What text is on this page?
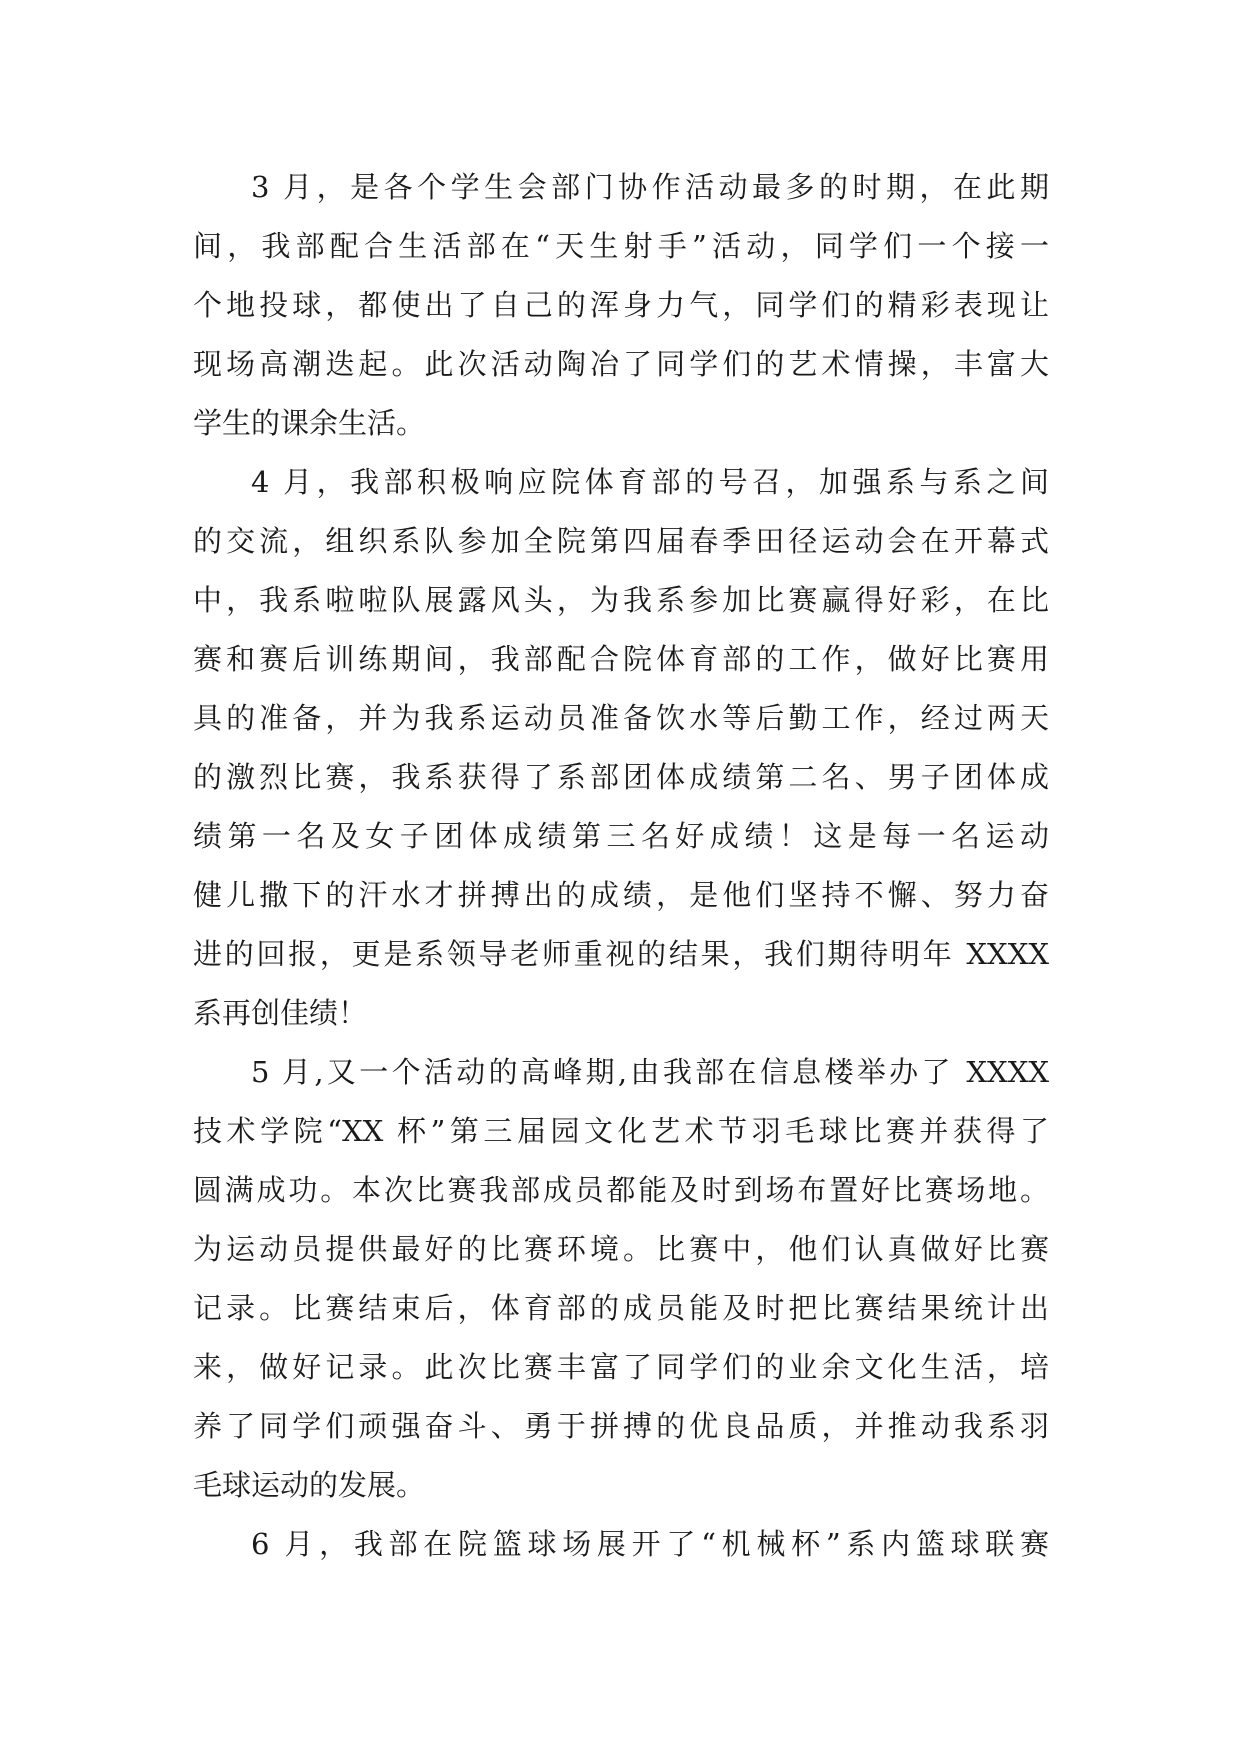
3 月，是各个学生会部门协作活动最多的时期，在此期
间，我部配合生活部在“天生射手”活动，同学们一个接一
个地投球，都使出了自己的浑身力气，同学们的精彩表现让
现场高潮迭起。此次活动陶冶了同学们的艺术情操，丰富大
学生的课余生活。
4 月，我部积极响应院体育部的号召，加强系与系之间
的交流，组织系队参加全院第四届春季田径运动会在开幕式
中，我系啦啦队展露风头，为我系参加比赛赢得好彩，在比
赛和赛后训练期间，我部配合院体育部的工作，做好比赛用
具的准备，并为我系运动员准备饮水等后勤工作，经过两天
的激烈比赛，我系获得了系部团体成绩第二名、男子团体成
绩第一名及女子团体成绩第三名好成绩！这是每一名运动
健儿撒下的汗水才拼搏出的成绩，是他们坚持不懈、努力奋
进的回报，更是系领导老师重视的结果，我们期待明年 XXXX
系再创佳绩！
5 月,又一个活动的高峰期,由我部在信息楼举办了 XXXX
技术学院“XX 杯”第三届园文化艺术节羽毛球比赛并获得了
圆满成功。本次比赛我部成员都能及时到场布置好比赛场地。
为运动员提供最好的比赛环境。比赛中，他们认真做好比赛
记录。比赛结束后，体育部的成员能及时把比赛结果统计出
来，做好记录。此次比赛丰富了同学们的业余文化生活，培
养了同学们顽强奋斗、勇于拼搏的优良品质，并推动我系羽
毛球运动的发展。
6 月，我部在院篮球场展开了“机械杯”系内篮球联赛
